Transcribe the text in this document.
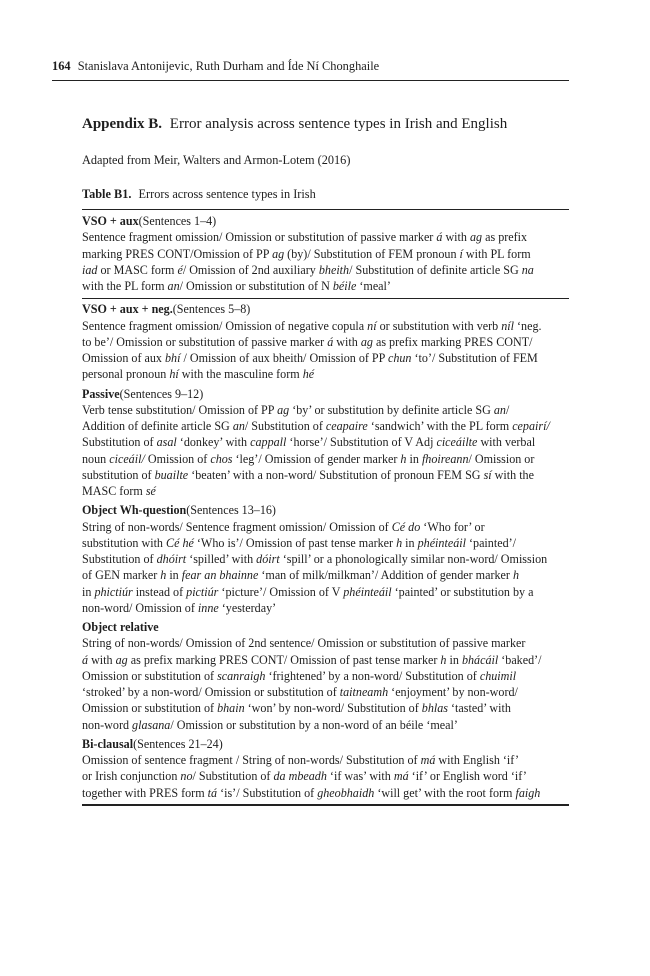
164 Stanislava Antonijevic, Ruth Durham and Íde Ní Chonghaile
Appendix B. Error analysis across sentence types in Irish and English
Adapted from Meir, Walters and Armon-Lotem (2016)
Table B1. Errors across sentence types in Irish
VSO + aux(Sentences 1–4)
Sentence fragment omission/ Omission or substitution of passive marker á with ag as prefix
marking PRES CONT/Omission of PP ag (by)/ Substitution of FEM pronoun í with PL form
iad or MASC form é/ Omission of 2nd auxiliary bheith/ Substitution of definite article SG na
with the PL form an/ Omission or substitution of N béile ‘meal’
VSO + aux + neg.(Sentences 5–8)
Sentence fragment omission/ Omission of negative copula ní or substitution with verb níl ‘neg.
to be’/ Omission or substitution of passive marker á with ag as prefix marking PRES CONT/
Omission of aux bhí / Omission of aux bheith/ Omission of PP chun ‘to’/ Substitution of FEM
personal pronoun hí with the masculine form hé
Passive(Sentences 9–12)
Verb tense substitution/ Omission of PP ag ‘by’ or substitution by definite article SG an/
Addition of definite article SG an/ Substitution of ceapaire ‘sandwich’ with the PL form cepairí/
Substitution of asal ‘donkey’ with cappall ‘horse’/ Substitution of V Adj ciceáilte with verbal
noun ciceáil/ Omission of chos ‘leg’/ Omission of gender marker h in fhoireann/ Omission or
substitution of buailte ‘beaten’ with a non-word/ Substitution of pronoun FEM SG sí with the
MASC form sé
Object Wh-question(Sentences 13–16)
String of non-words/ Sentence fragment omission/ Omission of Cé do ‘Who for’ or
substitution with Cé hé ‘Who is’/ Omission of past tense marker h in phéinteáil ‘painted’/
Substitution of dhóirt ‘spilled’ with dóirt ‘spill’ or a phonologically similar non-word/ Omission
of GEN marker h in fear an bhainne ‘man of milk/milkman’/ Addition of gender marker h
in phictiúr instead of pictiúr ‘picture’/ Omission of V phéinteáil ‘painted’ or substitution by a
non-word/ Omission of inne ‘yesterday’
Object relative
String of non-words/ Omission of 2nd sentence/ Omission or substitution of passive marker
á with ag as prefix marking PRES CONT/ Omission of past tense marker h in bhácáil ‘baked’/
Omission or substitution of scanraigh ‘frightened’ by a non-word/ Substitution of chuimil
‘stroked’ by a non-word/ Omission or substitution of taitneamh ‘enjoyment’ by non-word/
Omission or substitution of bhain ‘won’ by non-word/ Substitution of bhlas ‘tasted’ with
non-word glasana/ Omission or substitution by a non-word of an béile ‘meal’
Bi-clausal(Sentences 21–24)
Omission of sentence fragment / String of non-words/ Substitution of má with English ‘if’
or Irish conjunction no/ Substitution of da mbeadh ‘if was’ with má ‘if’ or English word ‘if’
together with PRES form tá ‘is’/ Substitution of gheobhaidh ‘will get’ with the root form faigh
